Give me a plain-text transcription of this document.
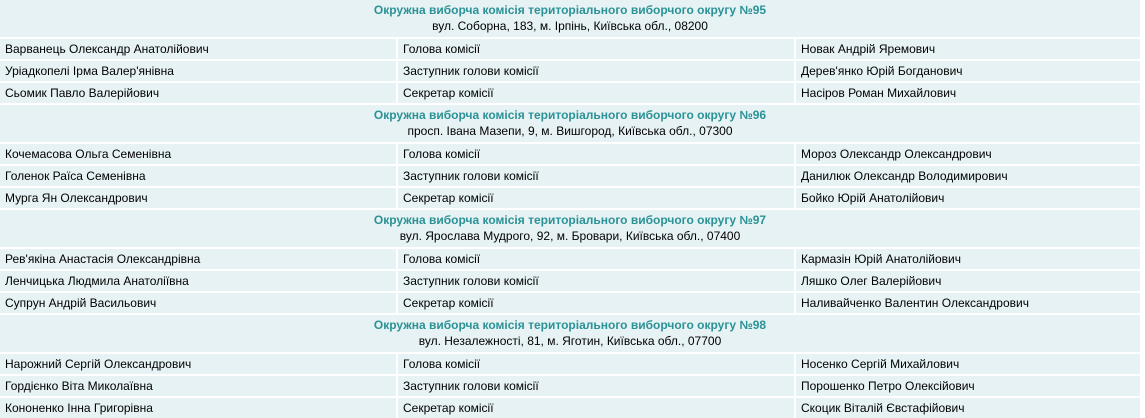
Окружна виборча комісія територіального виборчого округу №95
вул. Соборна, 183, м. Ірпінь, Київська обл., 08200
Варванець Олександр Анатолійович	Голова комісії	Новак Андрій Яремович
Уріадкопелі Ірма Валер'янівна	Заступник голови комісії	Дерев'янко Юрій Богданович
Сьомик Павло Валерійович	Секретар комісії	Насіров Роман Михайлович
Окружна виборча комісія територіального виборчого округу №96
просп. Івана Мазепи, 9, м. Вишгород, Київська обл., 07300
Кочемасова Ольга Семенівна	Голова комісії	Мороз Олександр Олександрович
Голенок Раїса Семенівна	Заступник голови комісії	Данилюк Олександр Володимирович
Мурга Ян Олександрович	Секретар комісії	Бойко Юрій Анатолійович
Окружна виборча комісія територіального виборчого округу №97
вул. Ярослава Мудрого, 92, м. Бровари, Київська обл., 07400
Рев'якіна Анастасія Олександрівна	Голова комісії	Кармазін Юрій Анатолійович
Ленчицька Людмила Анатоліївна	Заступник голови комісії	Ляшко Олег Валерійович
Супрун Андрій Васильович	Секретар комісії	Наливайченко Валентин Олександрович
Окружна виборча комісія територіального виборчого округу №98
вул. Незалежності, 81, м. Яготин, Київська обл., 07700
Нарожний Сергій Олександрович	Голова комісії	Носенко Сергій Михайлович
Гордієнко Віта Миколаївна	Заступник голови комісії	Порошенко Петро Олексійович
Кононенко Інна Григорівна	Секретар комісії	Скоцик Віталій Євстафійович
